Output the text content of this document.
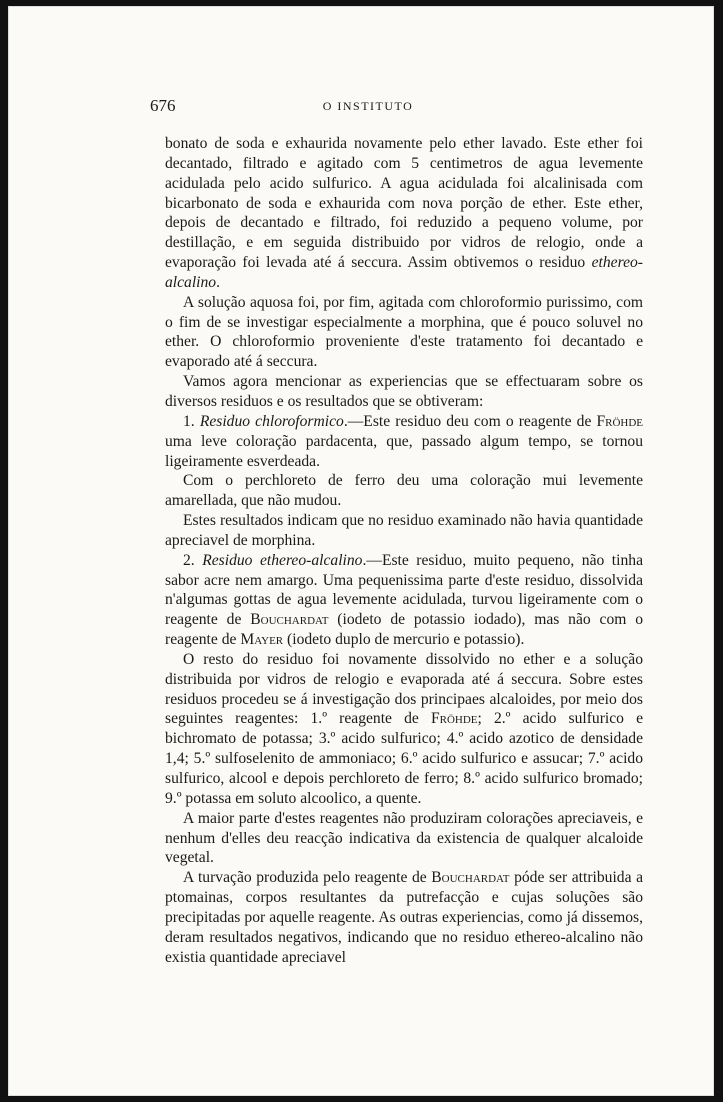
676	O INSTITUTO

bonato de soda e exhaurida novamente pelo ether lavado. Este ether foi decantado, filtrado e agitado com 5 centimetros de agua levemente acidulada pelo acido sulfurico. A agua acidulada foi alcalinisada com bicarbonato de soda e exhaurida com nova porção de ether. Este ether, depois de decantado e filtrado, foi reduzido a pequeno volume, por destillação, e em seguida distribuido por vidros de relogio, onde a evaporação foi levada até á seccura. Assim obtivemos o residuo ethereo-alcalino.

A solução aquosa foi, por fim, agitada com chloroformio purissimo, com o fim de se investigar especialmente a morphina, que é pouco soluvel no ether. O chloroformio proveniente d'este tratamento foi decantado e evaporado até á seccura.

Vamos agora mencionar as experiencias que se effectuaram sobre os diversos residuos e os resultados que se obtiveram:

1. Residuo chloroformico.—Este residuo deu com o reagente de Fröhde uma leve coloração pardacenta, que, passado algum tempo, se tornou ligeiramente esverdeada.

Com o perchloreto de ferro deu uma coloração mui levemente amarellada, que não mudou.

Estes resultados indicam que no residuo examinado não havia quantidade apreciavel de morphina.

2. Residuo ethereo-alcalino.—Este residuo, muito pequeno, não tinha sabor acre nem amargo. Uma pequenissima parte d'este residuo, dissolvida n'algumas gottas de agua levemente acidulada, turvou ligeiramente com o reagente de Bouchardat (iodeto de potassio iodado), mas não com o reagente de Mayer (iodeto duplo de mercurio e potassio).

O resto do residuo foi novamente dissolvido no ether e a solução distribuida por vidros de relogio e evaporada até á seccura. Sobre estes residuos procedeu se á investigação dos principaes alcaloides, por meio dos seguintes reagentes: 1.º reagente de Fröhde; 2.º acido sulfurico e bichromato de potassa; 3.º acido sulfurico; 4.º acido azotico de densidade 1,4; 5.º sulfoselenito de ammoniaco; 6.º acido sulfurico e assucar; 7.º acido sulfurico, alcool e depois perchloreto de ferro; 8.º acido sulfurico bromado; 9.º potassa em soluto alcoolico, a quente.

A maior parte d'estes reagentes não produziram colorações apreciaveis, e nenhum d'elles deu reacção indicativa da existencia de qualquer alcaloide vegetal.

A turvação produzida pelo reagente de Bouchardat póde ser attribuida a ptomainas, corpos resultantes da putrefacção e cujas soluções são precipitadas por aquelle reagente. As outras experiencias, como já dissemos, deram resultados negativos, indicando que no residuo ethereo-alcalino não existia quantidade apreciavel
